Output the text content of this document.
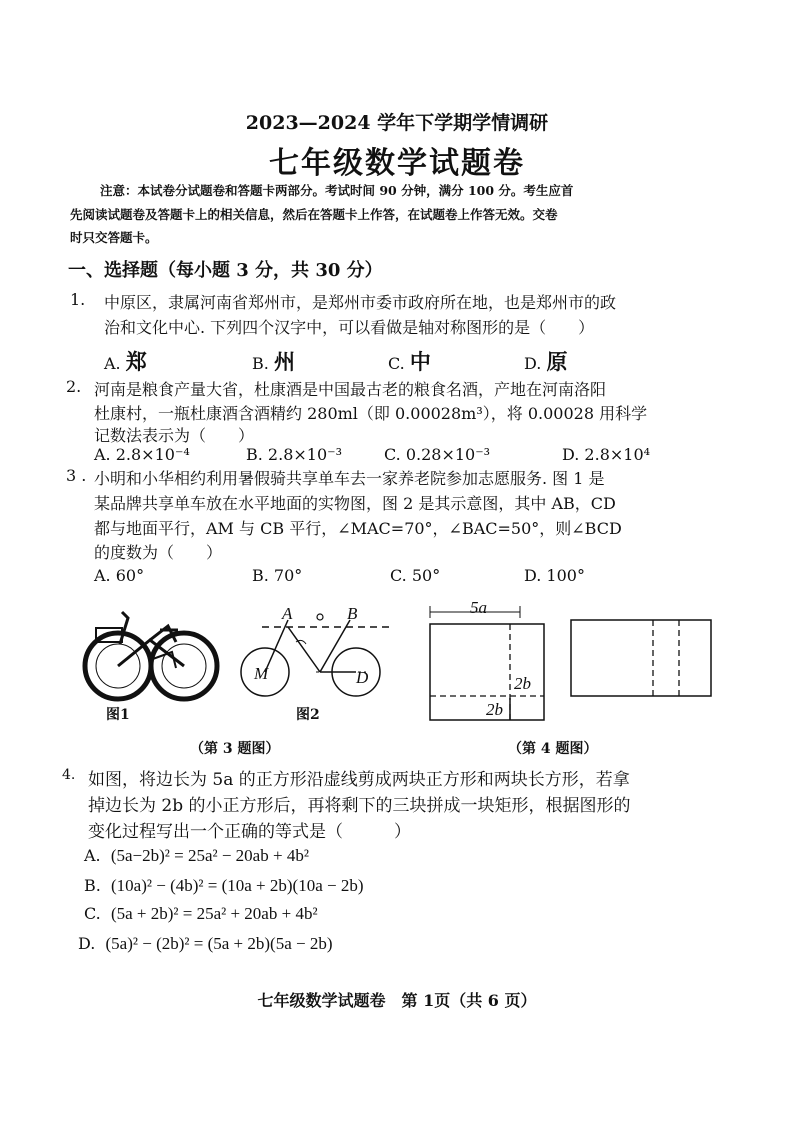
2023—2024 学年下学期学情调研
七年级数学试题卷
注意：本试卷分试题卷和答题卡两部分。考试时间 90 分钟，满分 100 分。考生应首
先阅读试题卷及答题卡上的相关信息，然后在答题卡上作答，在试题卷上作答无效。交卷
时只交答题卡。
一、选择题（每小题 3 分，共 30 分）
1. 中原区，隶属河南省郑州市，是郑州市委市政府所在地，也是郑州市的政
治和文化中心. 下列四个汉字中，可以看做是轴对称图形的是（　　）
A. 郑	B. 州	C. 中	D. 原
2. 河南是粮食产量大省，杜康酒是中国最古老的粮食名酒，产地在河南洛阳
杜康村，一瓶杜康酒含酒精约 280ml（即 0.00028m³），将 0.00028 用科学
记数法表示为（　　）
A. 2.8×10⁻⁴	B. 2.8×10⁻³	C. 0.28×10⁻³	D. 2.8×10⁴
3 . 小明和小华相约利用暑假骑共享单车去一家养老院参加志愿服务. 图 1 是
某品牌共享单车放在水平地面的实物图，图 2 是其示意图，其中 AB，CD
都与地面平行，AM 与 CB 平行，∠MAC=70°，∠BAC=50°，则∠BCD
的度数为（　　）
A. 60°	B. 70°	C. 50°	D. 100°
A	B
M	D
5a
2b
2b
图1	图2
（第 3 题图）	（第 4 题图）
4. 如图，将边长为 5a 的正方形沿虚线剪成两块正方形和两块长方形，若拿
掉边长为 2b 的小正方形后，再将剩下的三块拼成一块矩形，根据图形的
变化过程写出一个正确的等式是（　　　）
A. (5a−2b)² = 25a² − 20ab + 4b²
B. (10a)² − (4b)² = (10a + 2b)(10a − 2b)
C. (5a + 2b)² = 25a² + 20ab + 4b²
D. (5a)² − (2b)² = (5a + 2b)(5a − 2b)
七年级数学试题卷　第 1页（共 6 页）
